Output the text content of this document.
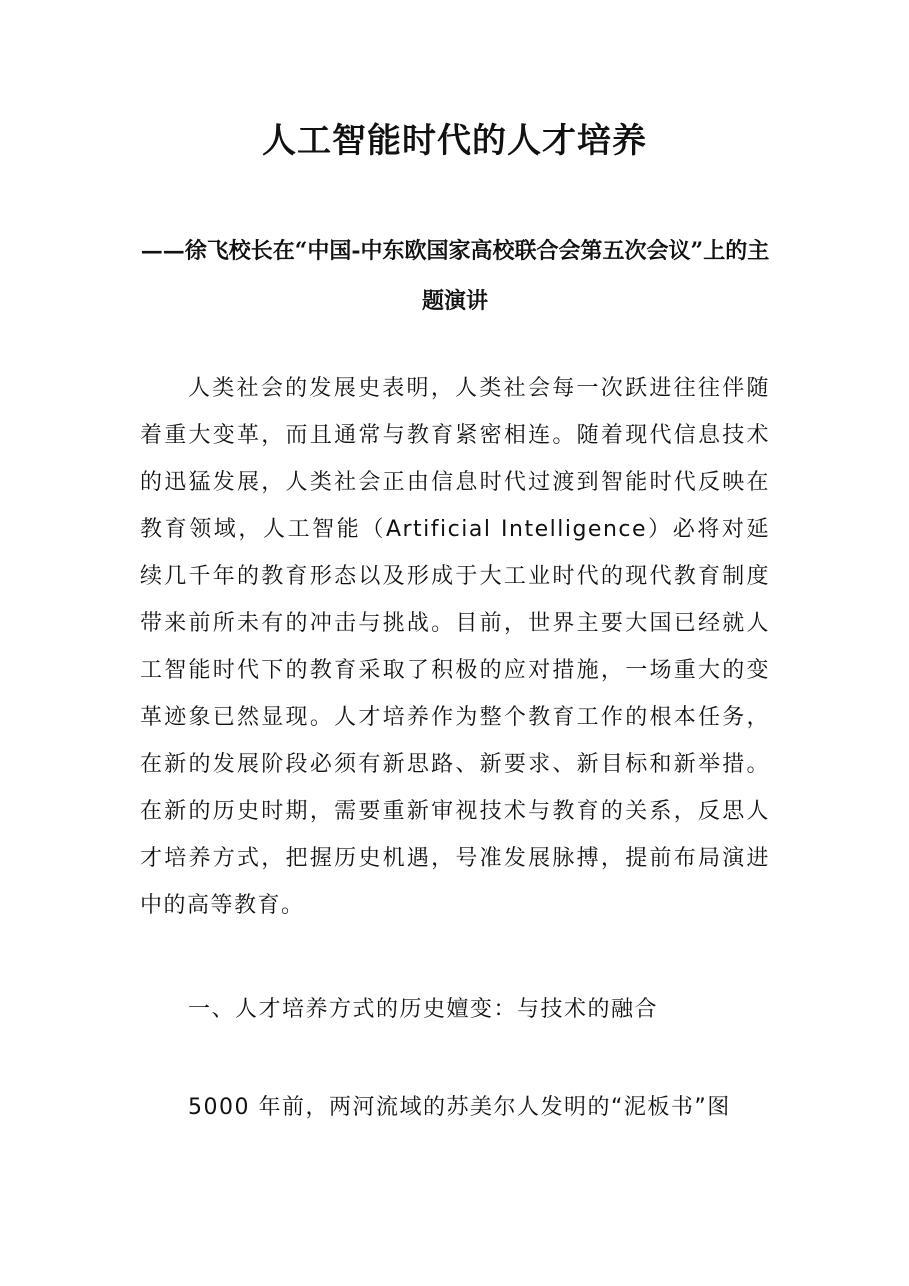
人工智能时代的人才培养
——徐飞校长在“中国-中东欧国家高校联合会第五次会议”上的主题演讲

人类社会的发展史表明，人类社会每一次跃进往往伴随着重大变革，而且通常与教育紧密相连。随着现代信息技术的迅猛发展，人类社会正由信息时代过渡到智能时代反映在教育领域，人工智能（Artificial Intelligence）必将对延续几千年的教育形态以及形成于大工业时代的现代教育制度带来前所未有的冲击与挑战。目前，世界主要大国已经就人工智能时代下的教育采取了积极的应对措施，一场重大的变革迹象已然显现。人才培养作为整个教育工作的根本任务，在新的发展阶段必须有新思路、新要求、新目标和新举措。在新的历史时期，需要重新审视技术与教育的关系，反思人才培养方式，把握历史机遇，号准发展脉搏，提前布局演进中的高等教育。

一、人才培养方式的历史嬗变：与技术的融合

5000 年前，两河流域的苏美尔人发明的“泥板书”图
